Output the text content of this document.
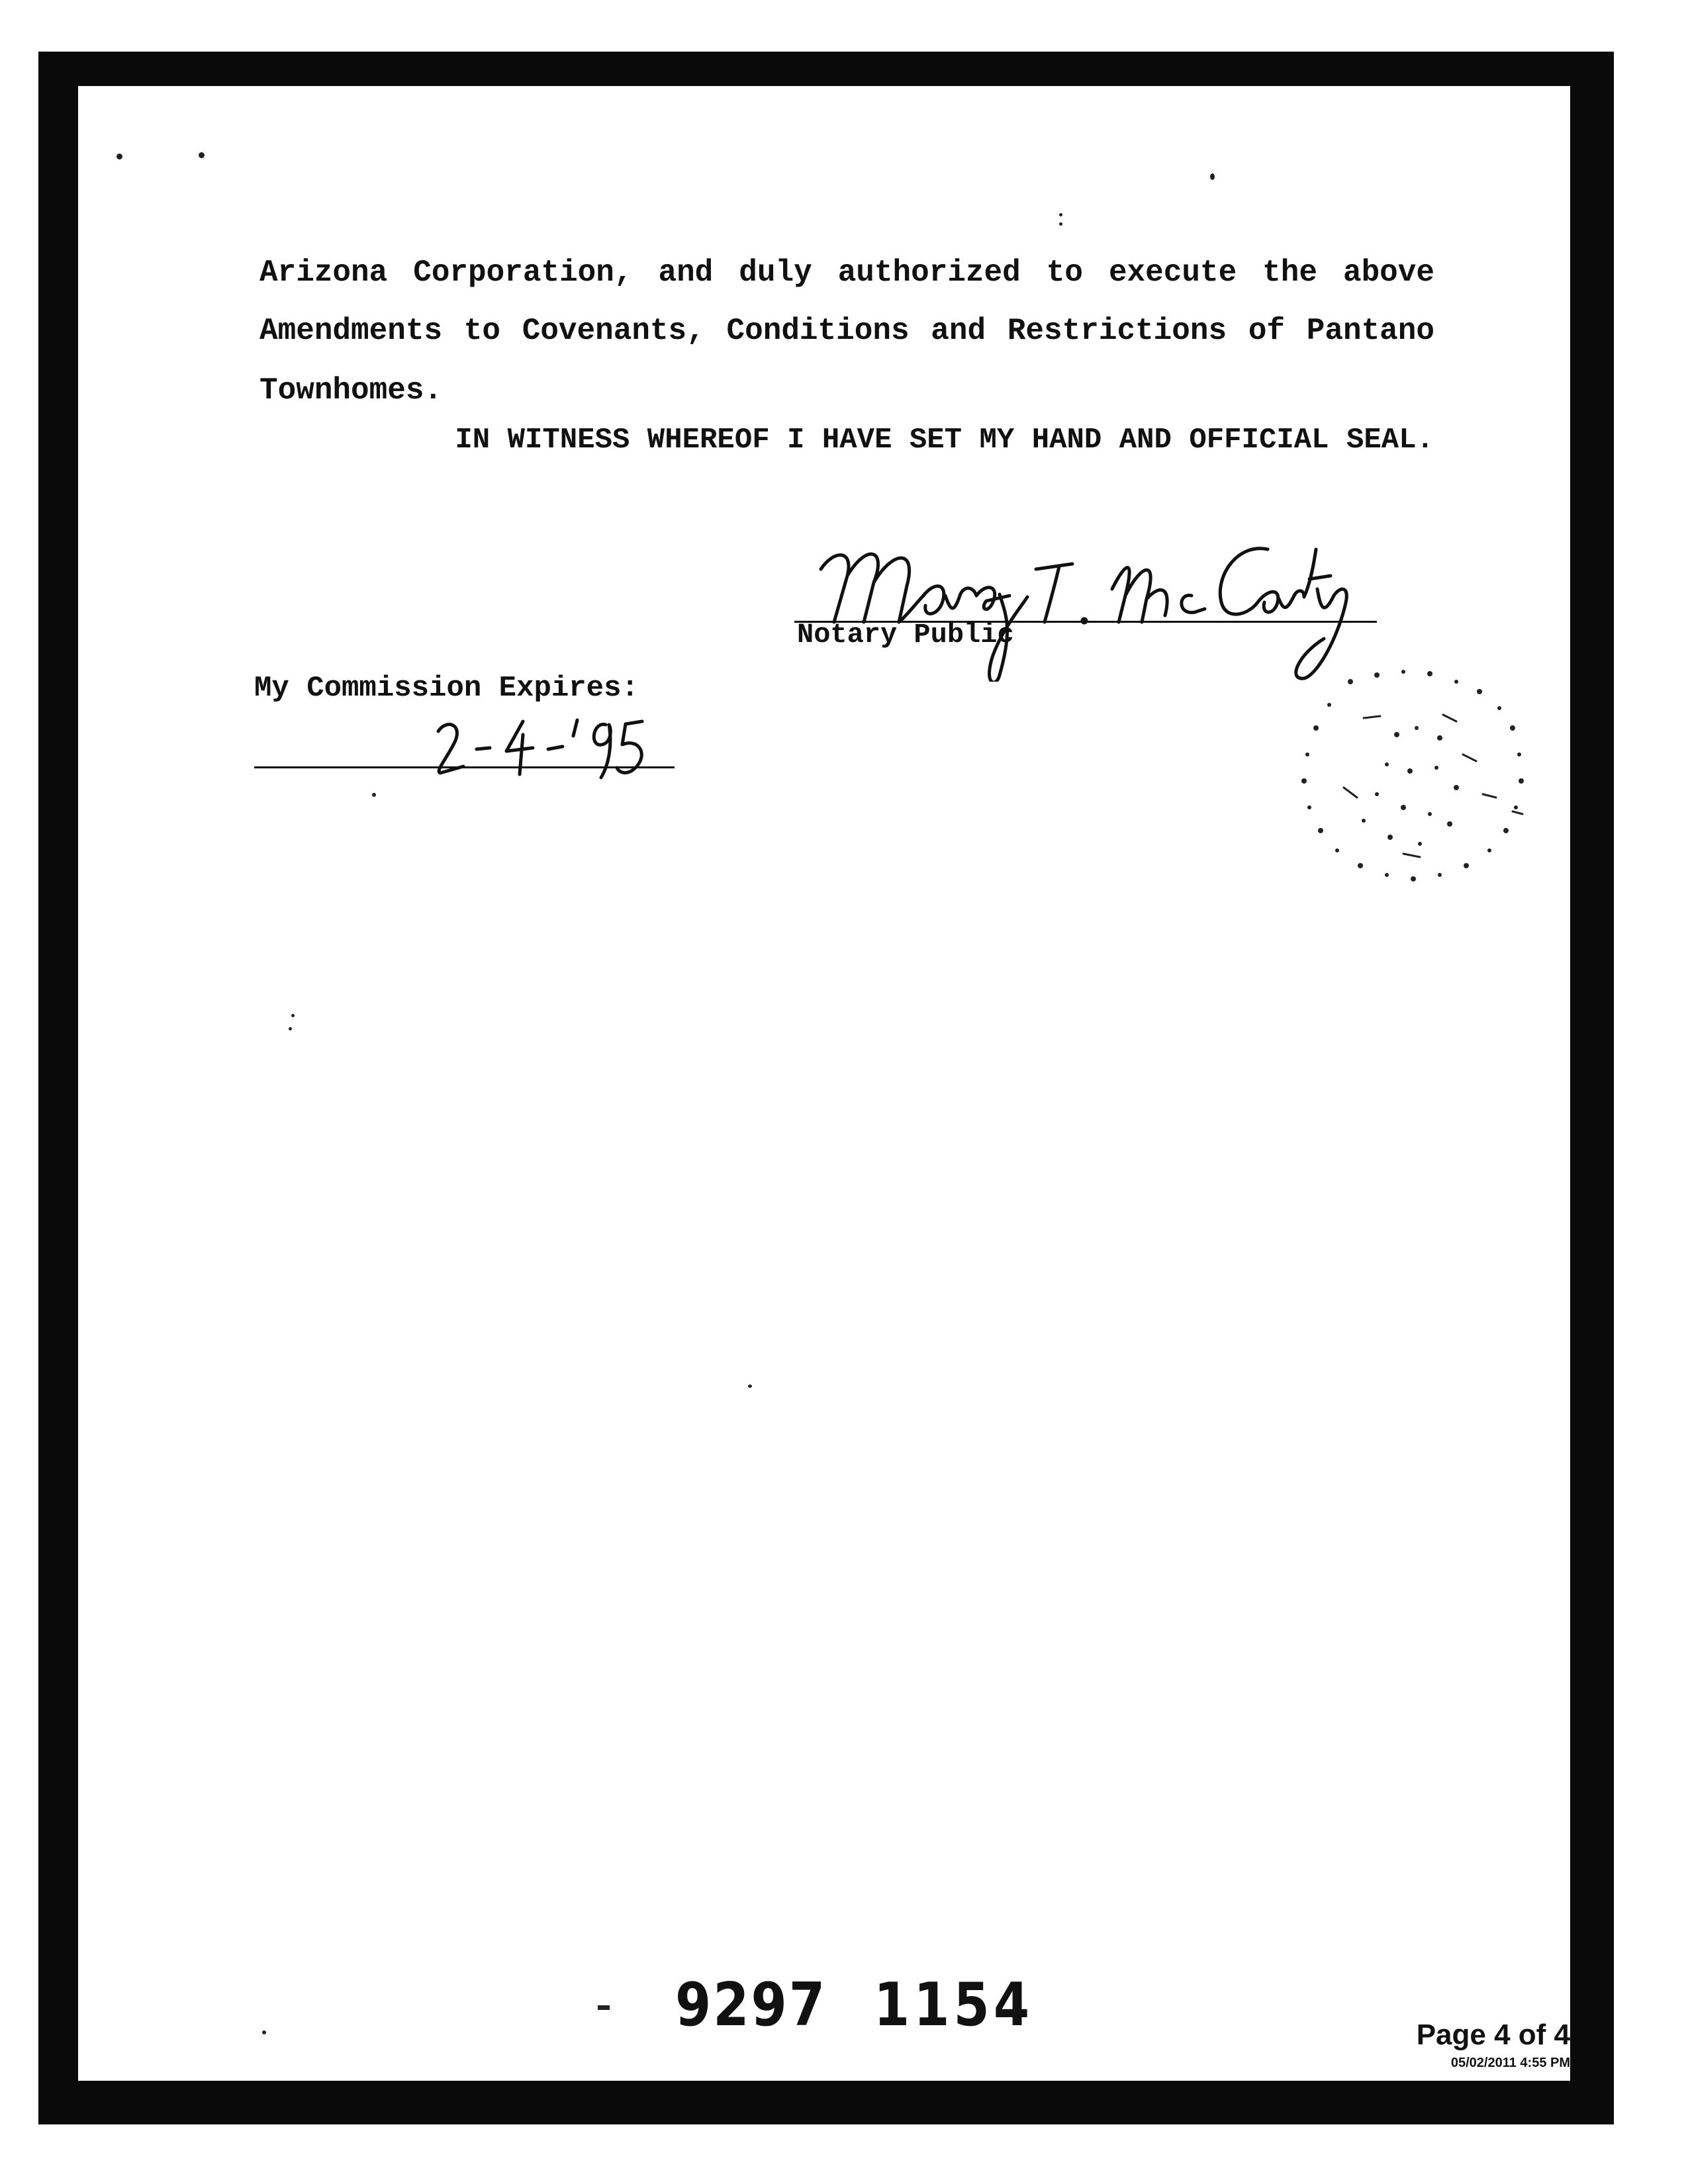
Arizona Corporation, and duly authorized to execute the above
Amendments to Covenants, Conditions and Restrictions of Pantano
Townhomes.
IN WITNESS WHEREOF I HAVE SET MY HAND AND OFFICIAL SEAL.
Notary Public
My Commission Expires:
9297 1154	Page 4 of 4
05/02/2011 4:55 PM
